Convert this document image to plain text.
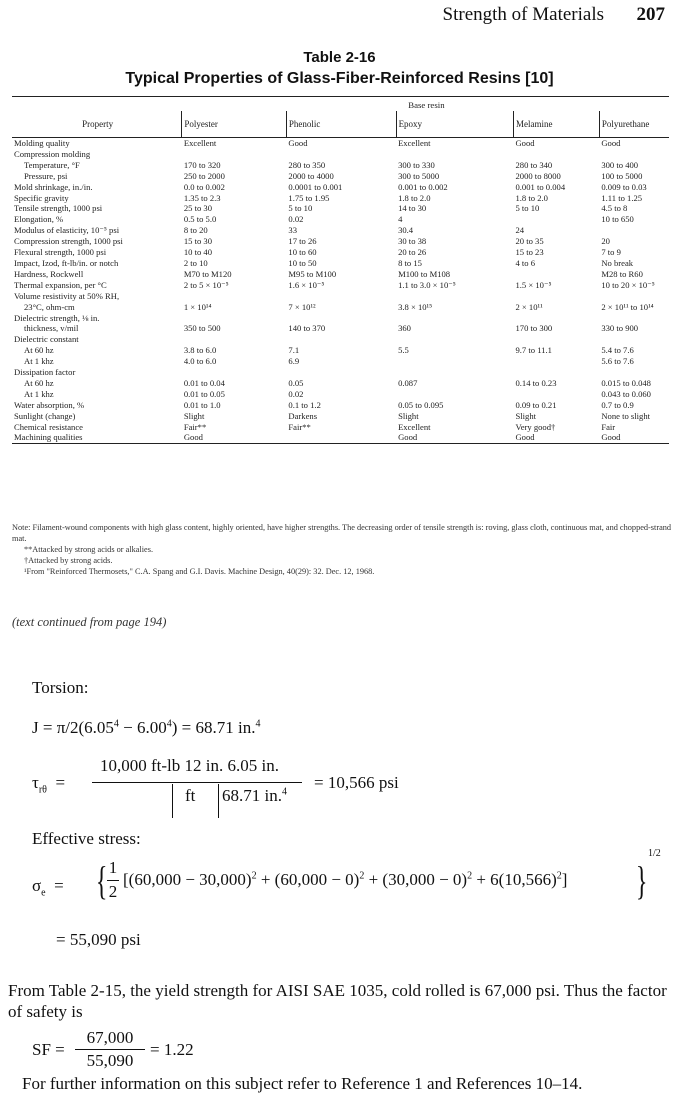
Strength of Materials 207
Table 2-16
Typical Properties of Glass-Fiber-Reinforced Resins [10]
	Base resin				
Property	Polyester	Phenolic	Epoxy	Melamine	Polyurethane
Molding quality	Excellent	Good	Excellent	Good	Good
Compression molding					
Temperature, °F	170 to 320	280 to 350	300 to 330	280 to 340	300 to 400
Pressure, psi	250 to 2000	2000 to 4000	300 to 5000	2000 to 8000	100 to 5000
Mold shrinkage, in./in.	0.0 to 0.002	0.0001 to 0.001	0.001 to 0.002	0.001 to 0.004	0.009 to 0.03
Specific gravity	1.35 to 2.3	1.75 to 1.95	1.8 to 2.0	1.8 to 2.0	1.11 to 1.25
Tensile strength, 1000 psi	25 to 30	5 to 10	14 to 30	5 to 10	4.5 to 8
Elongation, %	0.5 to 5.0	0.02	4		10 to 650
Modulus of elasticity, 10⁻⁵ psi	8 to 20	33	30.4	24	
Compression strength, 1000 psi	15 to 30	17 to 26	30 to 38	20 to 35	20
Flexural strength, 1000 psi	10 to 40	10 to 60	20 to 26	15 to 23	7 to 9
Impact, Izod, ft-lb/in. or notch	2 to 10	10 to 50	8 to 15	4 to 6	No break
Hardness, Rockwell	M70 to M120	M95 to M100	M100 to M108		M28 to R60
Thermal expansion, per °C	2 to 5 × 10⁻⁵	1.6 × 10⁻⁵	1.1 to 3.0 × 10⁻⁵	1.5 × 10⁻⁵	10 to 20 × 10⁻⁵
Volume resistivity at 50% RH,					
23°C, ohm-cm	1 × 10¹⁴	7 × 10¹²	3.8 × 10¹⁵	2 × 10¹¹	2 × 10¹¹ to 10¹⁴
Dielectric strength, ⅛ in.					
thickness, v/mil	350 to 500	140 to 370	360	170 to 300	330 to 900
Dielectric constant					
At 60 hz	3.8 to 6.0	7.1	5.5	9.7 to 11.1	5.4 to 7.6
At 1 khz	4.0 to 6.0	6.9			5.6 to 7.6
Dissipation factor					
At 60 hz	0.01 to 0.04	0.05	0.087	0.14 to 0.23	0.015 to 0.048
At 1 khz	0.01 to 0.05	0.02			0.043 to 0.060
Water absorption, %	0.01 to 1.0	0.1 to 1.2	0.05 to 0.095	0.09 to 0.21	0.7 to 0.9
Sunlight (change)	Slight	Darkens	Slight	Slight	None to slight
Chemical resistance	Fair**	Fair**	Excellent	Very good†	Fair
Machining qualities	Good		Good	Good	Good

Note: Filament-wound components with high glass content, highly oriented, have higher strengths. The decreasing order of tensile strength is: roving, glass cloth, continuous mat, and chopped-strand mat.

**Attacked by strong acids or alkalies.

†Attacked by strong acids.

¹From "Reinforced Thermosets," C.A. Spang and G.I. Davis. Machine Design, 40(29): 32. Dec. 12, 1968.

(text continued from page 194)
Torsion:
$J = \pi/2(6.05^4 - 6.00^4) = 68.71$ in.$^4$
$\tau_{r\theta}$  =
10,000 ft-lb 12 in. 6.05 in.
ft 68.71 in.$^4$ = 10,566 psi
Effective stress:
$\sigma_e$  = { 1
2
$[(60,000 - 30,000)^2 + (60,000 - 0)^2 + (30,000 - 0)^2 + 6(10,566)^2]$ }
1/2
= 55,090 psi
From Table 2-15, the yield strength for AISI SAE 1035, cold rolled is 67,000 psi. Thus the factor of safety is
SF =
67,000
55,090
= 1.22
For further information on this subject refer to Reference 1 and References 10–14.
